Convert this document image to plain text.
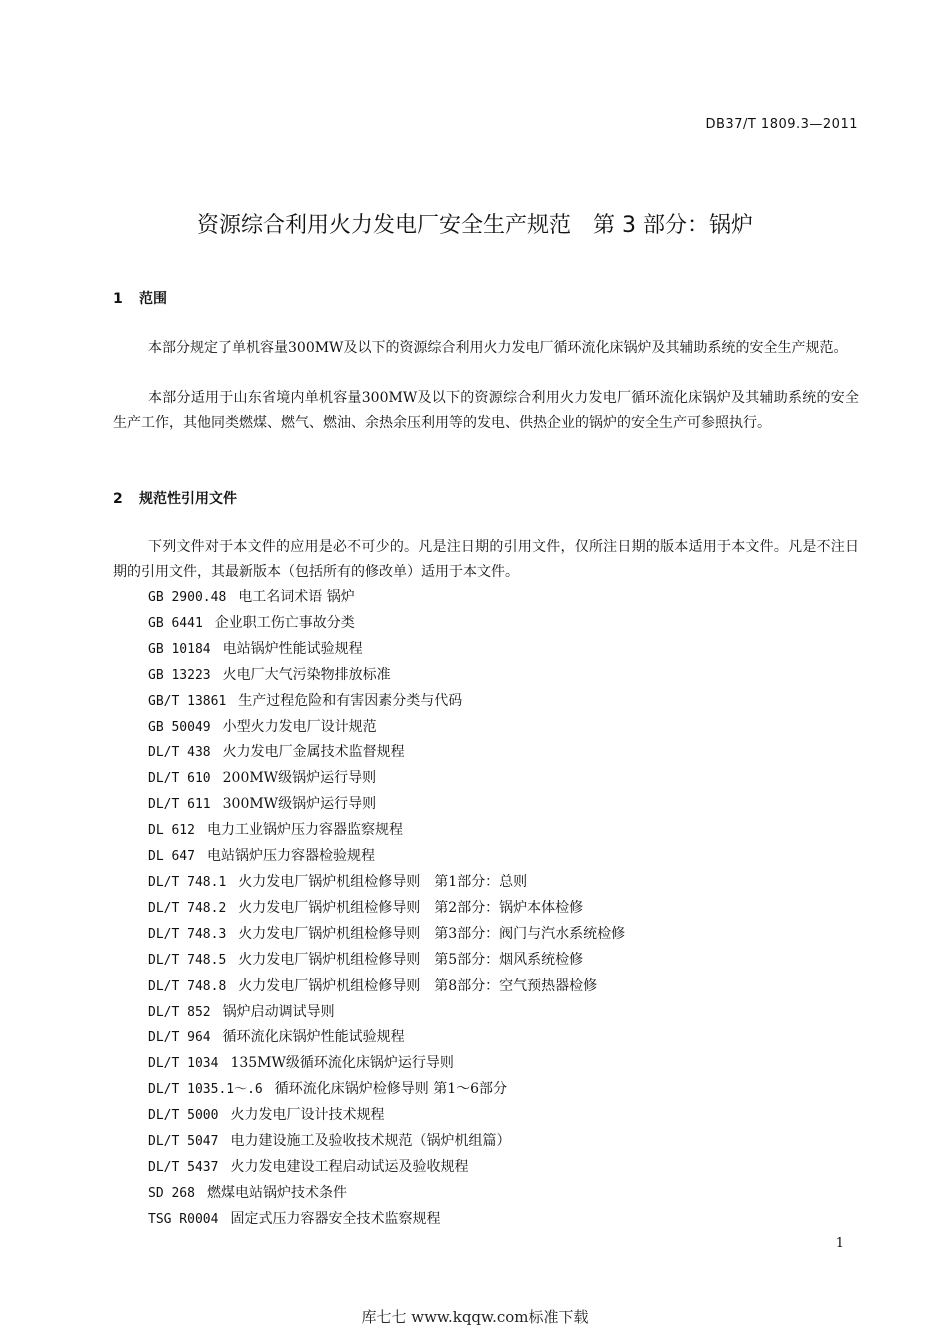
DB37/T 1809.3—2011
资源综合利用火力发电厂安全生产规范　第 3 部分：锅炉
1 范围

本部分规定了单机容量300MW及以下的资源综合利用火力发电厂循环流化床锅炉及其辅助系统的安全生产规范。

本部分适用于山东省境内单机容量300MW及以下的资源综合利用火力发电厂循环流化床锅炉及其辅助系统的安全生产工作，其他同类燃煤、燃气、燃油、余热余压利用等的发电、供热企业的锅炉的安全生产可参照执行。

2 规范性引用文件

下列文件对于本文件的应用是必不可少的。凡是注日期的引用文件，仅所注日期的版本适用于本文件。凡是不注日期的引用文件，其最新版本（包括所有的修改单）适用于本文件。

GB 2900.48 电工名词术语 锅炉
GB 6441 企业职工伤亡事故分类
GB 10184 电站锅炉性能试验规程
GB 13223 火电厂大气污染物排放标准
GB/T 13861 生产过程危险和有害因素分类与代码
GB 50049 小型火力发电厂设计规范
DL/T 438 火力发电厂金属技术监督规程
DL/T 610 200MW级锅炉运行导则
DL/T 611 300MW级锅炉运行导则
DL 612 电力工业锅炉压力容器监察规程
DL 647 电站锅炉压力容器检验规程
DL/T 748.1 火力发电厂锅炉机组检修导则　第1部分：总则
DL/T 748.2 火力发电厂锅炉机组检修导则　第2部分：锅炉本体检修
DL/T 748.3 火力发电厂锅炉机组检修导则　第3部分：阀门与汽水系统检修
DL/T 748.5 火力发电厂锅炉机组检修导则　第5部分：烟风系统检修
DL/T 748.8 火力发电厂锅炉机组检修导则　第8部分：空气预热器检修
DL/T 852 锅炉启动调试导则
DL/T 964 循环流化床锅炉性能试验规程
DL/T 1034 135MW级循环流化床锅炉运行导则
DL/T 1035.1～.6 循环流化床锅炉检修导则 第1～6部分
DL/T 5000 火力发电厂设计技术规程
DL/T 5047 电力建设施工及验收技术规范（锅炉机组篇）
DL/T 5437 火力发电建设工程启动试运及验收规程
SD 268 燃煤电站锅炉技术条件
TSG R0004 固定式压力容器安全技术监察规程
1
库七七 www.kqqw.com标准下载
